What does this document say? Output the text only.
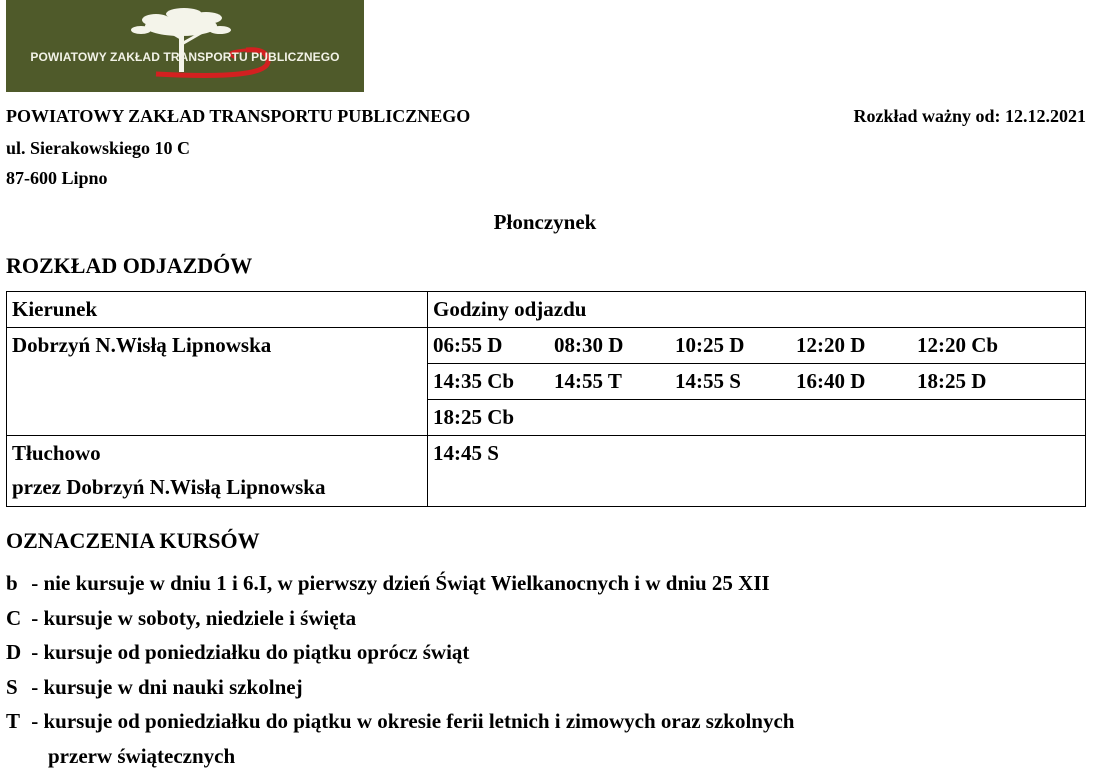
POWIATOWY ZAKŁAD TRANSPORTU PUBLICZNEGO
POWIATOWY ZAKŁAD TRANSPORTU PUBLICZNEGO
ul. Sierakowskiego 10 C
87-600 Lipno
Rozkład ważny od: 12.12.2021
Płonczynek
ROZKŁAD ODJAZDÓW
Kierunek	Godziny odjazdu

Dobrzyń N.Wisłą Lipnowska	06:55 D 08:30 D 10:25 D 12:20 D 12:20 Cb

	14:35 Cb 14:55 T 14:55 S 16:40 D 18:25 D

	18:25 Cb

Tłuchowo
przez Dobrzyń N.Wisłą Lipnowska	14:45 S
OZNACZENIA KURSÓW
b - nie kursuje w dniu 1 i 6.I, w pierwszy dzień Świąt Wielkanocnych i w dniu 25 XII
C - kursuje w soboty, niedziele i święta
D - kursuje od poniedziałku do piątku oprócz świąt
S - kursuje w dni nauki szkolnej
T - kursuje od poniedziałku do piątku w okresie ferii letnich i zimowych oraz szkolnych
przerw świątecznych
